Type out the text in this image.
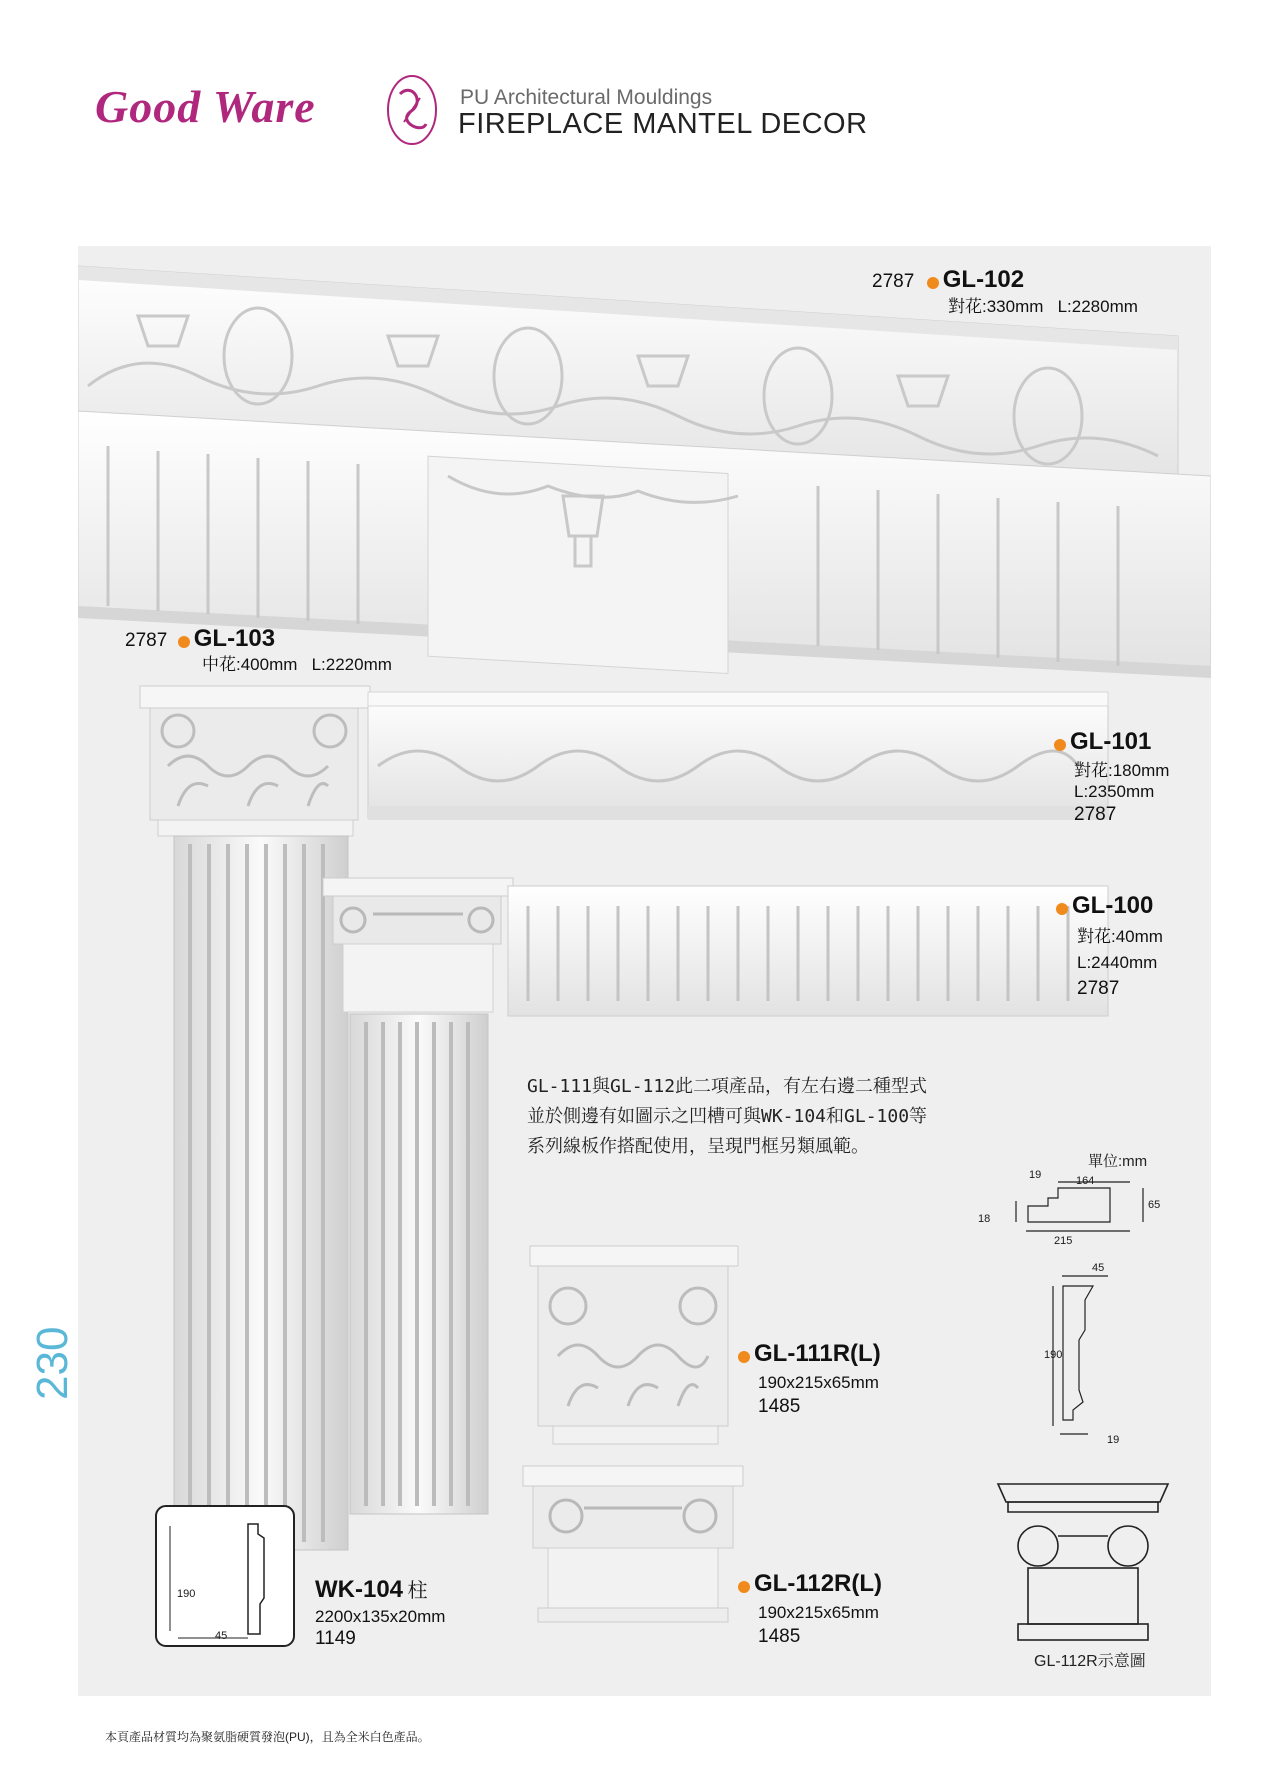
Good Ware	PU Architectural Mouldings
FIREPLACE MANTEL DECOR
2787 GL-102
對花:330mm   L:2280mm
2787 GL-103
中花:400mm   L:2220mm
GL-101
對花:180mm
L:2350mm
2787
GL-100
對花:40mm
L:2440mm
2787
GL-111與GL-112此二項產品，有左右邊二種型式
並於側邊有如圖示之凹槽可與WK-104和GL-100等
系列線板作搭配使用，呈現門框另類風範。
單位:mm
19	164
18
65
215
45
190
19
190
45
GL-112R示意圖
GL-111R(L)
190x215x65mm
1485
GL-112R(L)
190x215x65mm
1485
WK-104 柱
2200x135x20mm
1149
230
本頁產品材質均為聚氨脂硬質發泡(PU)，且為全米白色產品。
